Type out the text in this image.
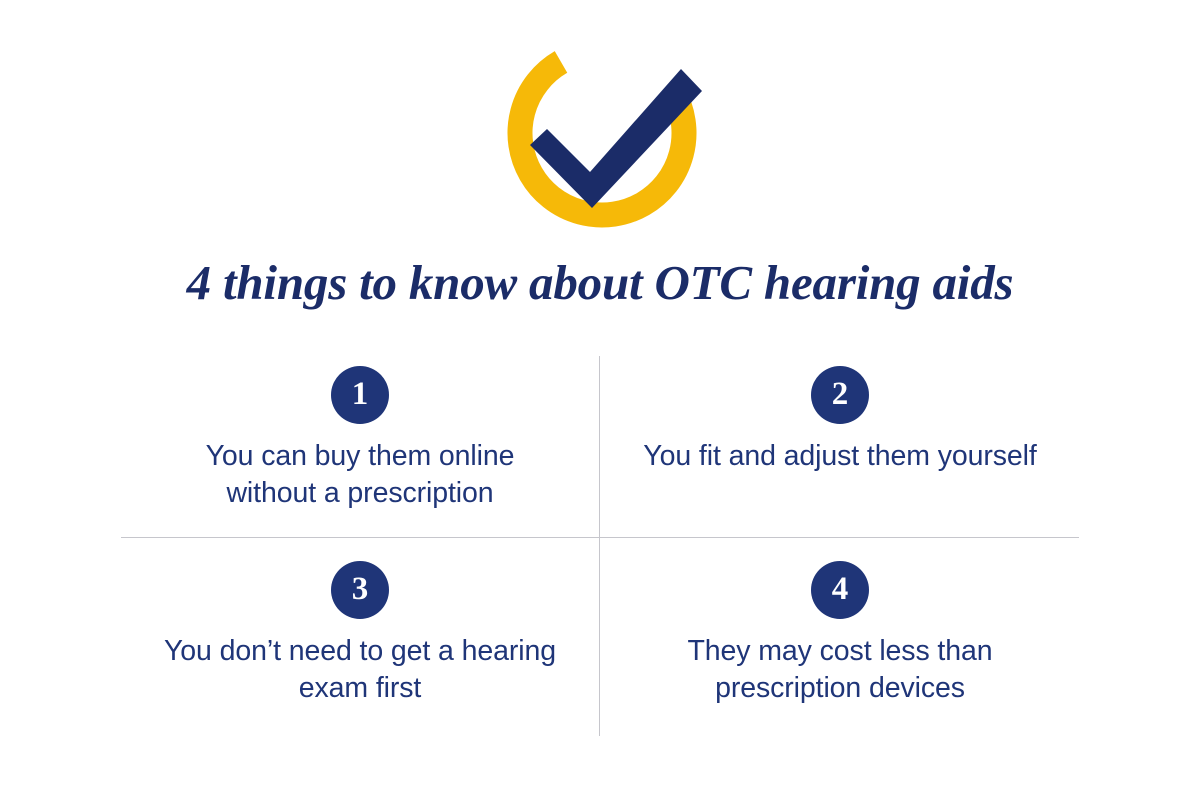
4 things to know about OTC hearing aids
1
You can buy them online without a prescription
2
You fit and adjust them yourself
3
You don’t need to get a hearing exam first
4
They may cost less than prescription devices
